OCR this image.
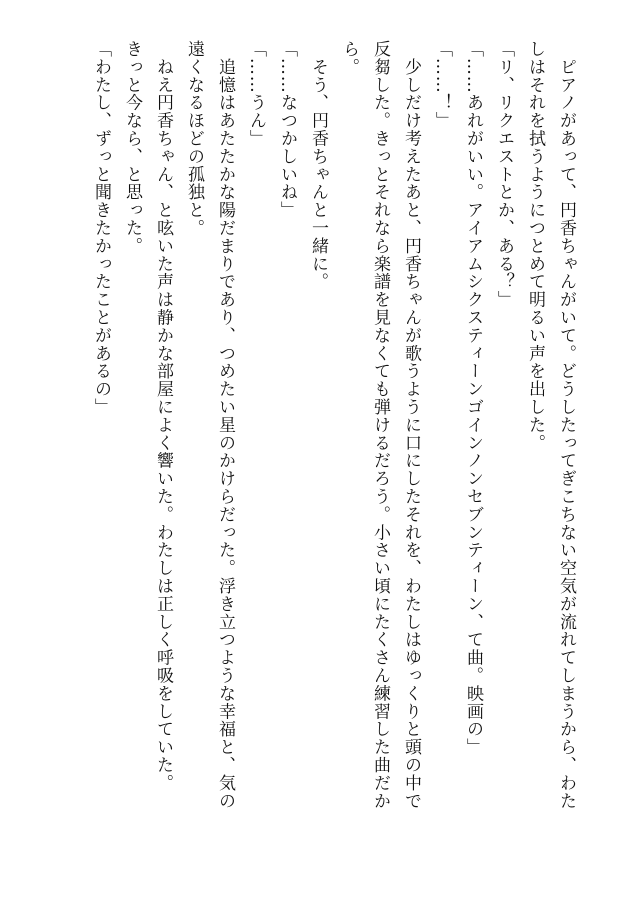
　ピアノがあって、円香ちゃんがいて。どうしたってぎこちない空気が流れてしまうから、わた
しはそれを拭うようにつとめて明るい声を出した。
「リ、リクエストとか、ある？」
「……あれがいい。アイアムシクスティーンゴインノンセブンティーン、て曲。映画の」
「……！」
　少しだけ考えたあと、円香ちゃんが歌うように口にしたそれを、わたしはゆっくりと頭の中で
反芻した。きっとそれなら楽譜を見なくても弾けるだろう。小さい頃にたくさん練習した曲だか
ら。
　そう、円香ちゃんと一緒に。
「……なつかしいね」
「……うん」
　追憶はあたたかな陽だまりであり、つめたい星のかけらだった。浮き立つような幸福と、気の
遠くなるほどの孤独と。
　ねえ円香ちゃん、と呟いた声は静かな部屋によく響いた。わたしは正しく呼吸をしていた。
きっと今なら、と思った。
「わたし、ずっと聞きたかったことがあるの」
